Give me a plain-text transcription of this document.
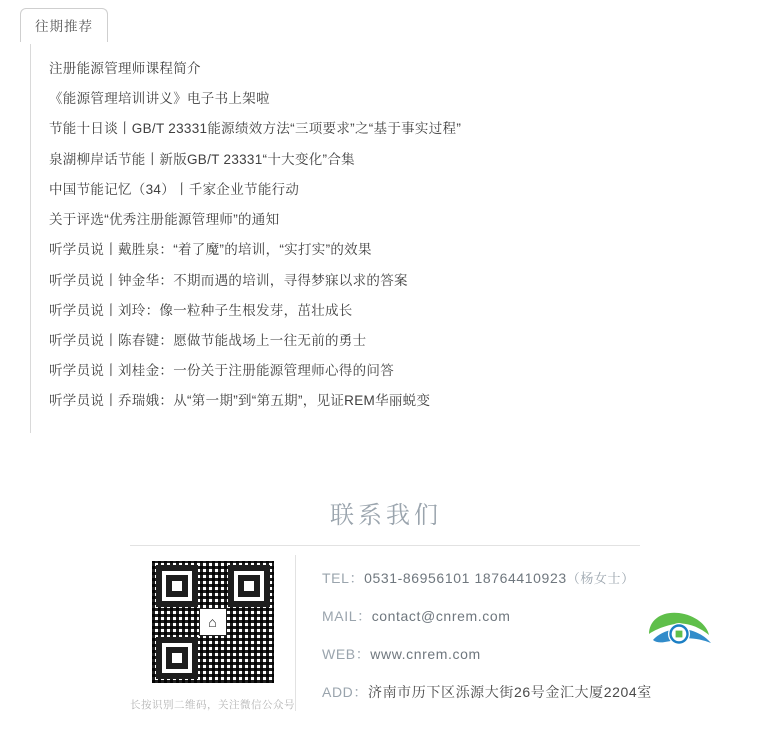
往期推荐
注册能源管理师课程简介
《能源管理培训讲义》电子书上架啦
节能十日谈丨GB/T 23331能源绩效方法“三项要求”之“基于事实过程”
泉湖柳岸话节能丨新版GB/T 23331“十大变化”合集
中国节能记忆（34）丨千家企业节能行动
关于评选“优秀注册能源管理师”的通知
听学员说丨戴胜泉：“着了魔”的培训，“实打实”的效果
听学员说丨钟金华：不期而遇的培训，寻得梦寐以求的答案
听学员说丨刘玲：像一粒种子生根发芽，茁壮成长
听学员说丨陈春键：愿做节能战场上一往无前的勇士
听学员说丨刘桂金：一份关于注册能源管理师心得的问答
听学员说丨乔瑞娥：从“第一期”到“第五期”，见证REM华丽蜕变
联系我们
⌂
长按识别二维码，关注微信公众号
TEL：0531-86956101 18764410923（杨女士）
MAIL：contact@cnrem.com
WEB：www.cnrem.com
ADD：济南市历下区泺源大街26号金汇大厦2204室
